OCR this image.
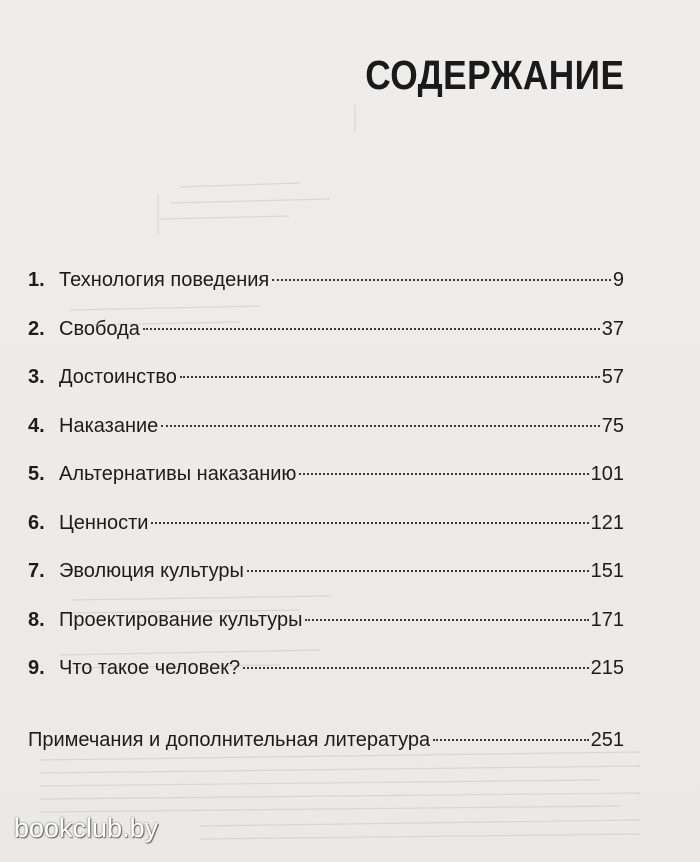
СОДЕРЖАНИЕ
1. Технология поведения	9
2. Свобода	37
3. Достоинство	57
4. Наказание	75
5. Альтернативы наказанию	101
6. Ценности	121
7. Эволюция культуры	151
8. Проектирование культуры	171
9. Что такое человек?	215
Примечания и дополнительная литература	251
bookclub.by
